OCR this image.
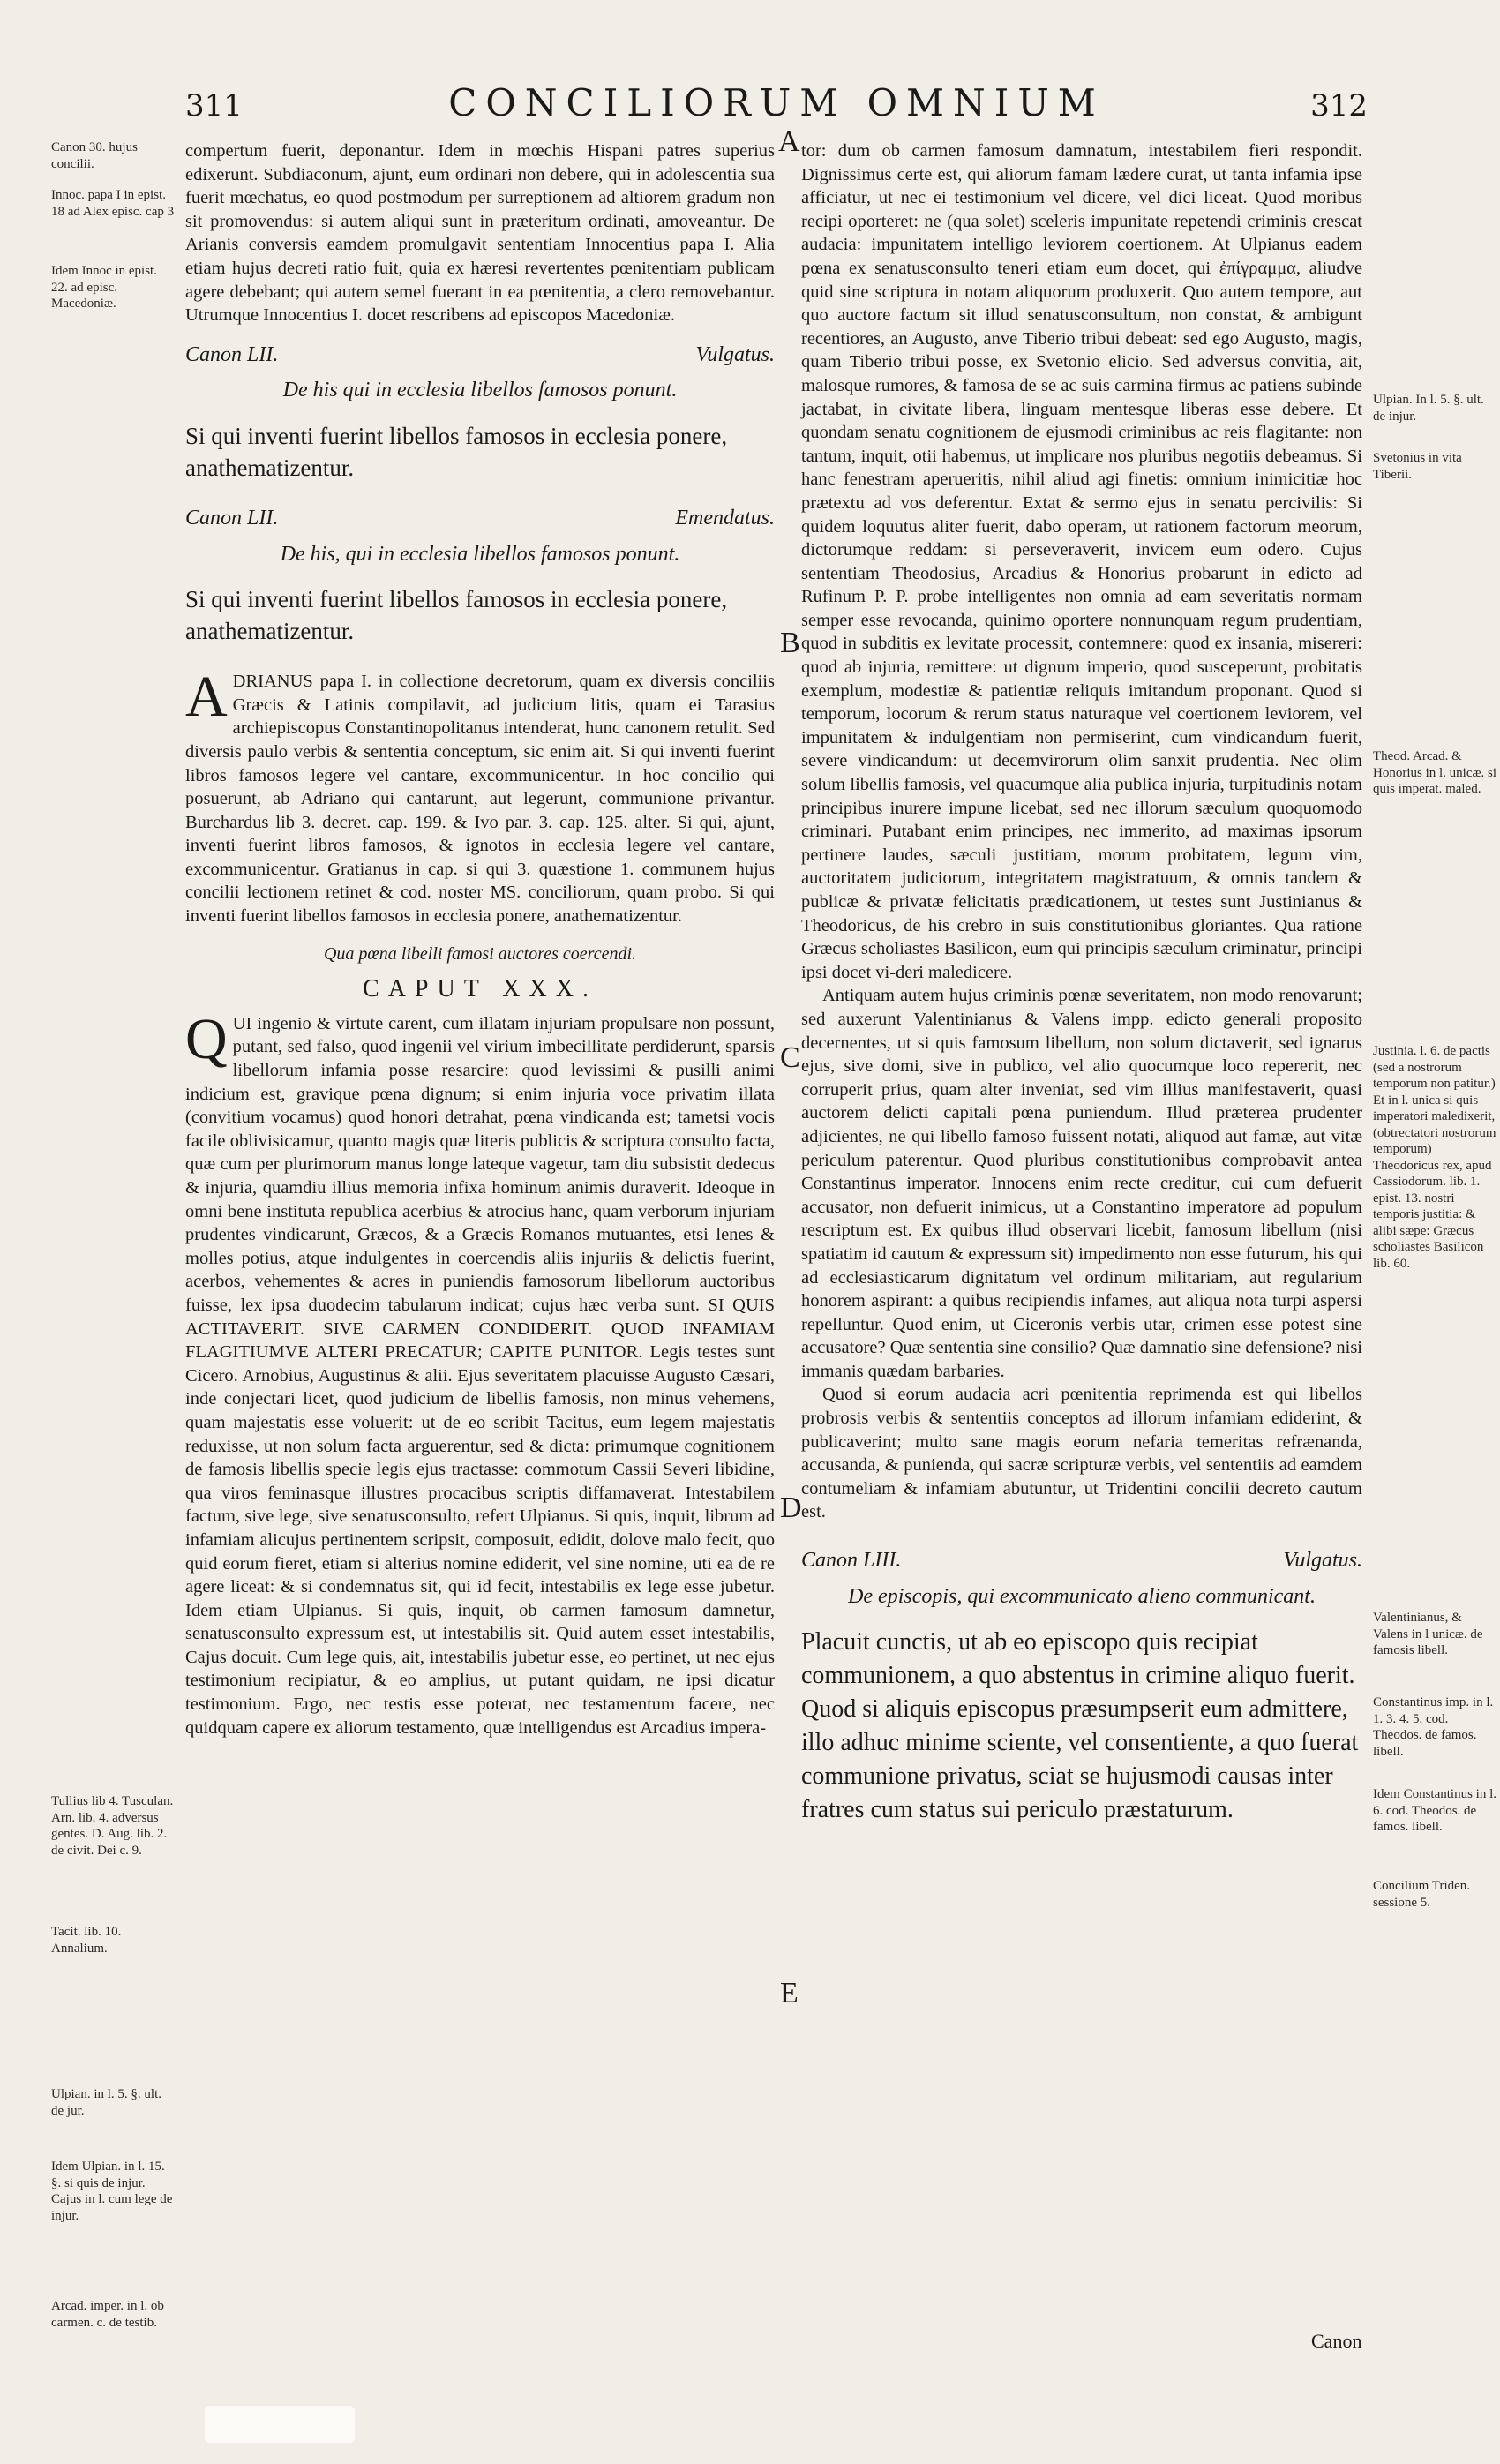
311	CONCILIORUM OMNIUM	312

compertum fuerit, deponantur. Idem in mœchis Hispani patres superius edixerunt. Subdiaconum, ajunt, eum ordinari non debere, qui in adolescentia sua fuerit mœchatus, eo quod postmodum per surreptionem ad altiorem gradum non sit promovendus: si autem aliqui sunt in præteritum ordinati, amoveantur. De Arianis conversis eamdem promulgavit sententiam Innocentius papa I. Alia etiam hujus decreti ratio fuit, quia ex hæresi revertentes pœnitentiam publicam agere debebant; qui autem semel fuerant in ea pœnitentia, a clero removebantur. Utrumque Innocentius I. docet rescribens ad episcopos Macedoniæ.

Canon LII.	Vulgatus.
De his qui in ecclesia libellos famosos ponunt.

Si qui inventi fuerint libellos famosos in ecclesia ponere, anathematizentur.

Canon LII.	Emendatus.
De his, qui in ecclesia libellos famosos ponunt.

Si qui inventi fuerint libellos famosos in ecclesia ponere, anathematizentur.

ADRIANUS papa I. in collectione decretorum, quam ex diversis conciliis Græcis & Latinis compilavit, ad judicium litis, quam ei Tarasius archiepiscopus Constantinopolitanus intenderat, hunc canonem retulit. Sed diversis paulo verbis & sententia conceptum, sic enim ait. Si qui inventi fuerint libros famosos legere vel cantare, excommunicentur. In hoc concilio qui posuerunt, ab Adriano qui cantarunt, aut legerunt, communione privantur. Burchardus lib 3. decret. cap. 199. & Ivo par. 3. cap. 125. alter. Si qui, ajunt, inventi fuerint libros famosos, & ignotos in ecclesia legere vel cantare, excommunicentur. Gratianus in cap. si qui 3. quæstione 1. communem hujus concilii lectionem retinet & cod. noster MS. conciliorum, quam probo. Si qui inventi fuerint libellos famosos in ecclesia ponere, anathematizentur.

Qua pœna libelli famosi auctores coercendi.
CAPUT XXX.

QUI ingenio & virtute carent, cum illatam injuriam propulsare non possunt, putant, sed falso, quod ingenii vel virium imbecillitate perdiderunt, sparsis libellorum infamia posse resarcire: quod levissimi & pusilli animi indicium est, gravique pœna dignum; si enim injuria voce privatim illata (convitium vocamus) quod honori detrahat, pœna vindicanda est; tametsi vocis facile oblivisicamur, quanto magis quæ literis publicis & scriptura consulto facta, quæ cum per plurimorum manus longe lateque vagetur, tam diu subsistit dedecus & injuria, quamdiu illius memoria infixa hominum animis duraverit. Ideoque in omni bene instituta republica acerbius & atrocius hanc, quam verborum injuriam prudentes vindicarunt, Græcos, & a Græcis Romanos mutuantes, etsi lenes & molles potius, atque indulgentes in coercendis aliis injuriis & delictis fuerint, acerbos, vehementes & acres in puniendis famosorum libellorum auctoribus fuisse, lex ipsa duodecim tabularum indicat; cujus hæc verba sunt. SI QUIS ACTITAVERIT. SIVE CARMEN CONDIDERIT. QUOD INFAMIAM FLAGITIUMVE ALTERI PRECATUR; CAPITE PUNITOR. Legis testes sunt Cicero. Arnobius, Augustinus & alii. Ejus severitatem placuisse Augusto Cæsari, inde conjectari licet, quod judicium de libellis famosis, non minus vehemens, quam majestatis esse voluerit: ut de eo scribit Tacitus, eum legem majestatis reduxisse, ut non solum facta arguerentur, sed & dicta: primumque cognitionem de famosis libellis specie legis ejus tractasse: commotum Cassii Severi libidine, qua viros feminasque illustres procacibus scriptis diffamaverat. Intestabilem factum, sive lege, sive senatusconsulto, refert Ulpianus. Si quis, inquit, librum ad infamiam alicujus pertinentem scripsit, composuit, edidit, dolove malo fecit, quo quid eorum fieret, etiam si alterius nomine ediderit, vel sine nomine, uti ea de re agere liceat: & si condemnatus sit, qui id fecit, intestabilis ex lege esse jubetur. Idem etiam Ulpianus. Si quis, inquit, ob carmen famosum damnetur, senatusconsulto expressum est, ut intestabilis sit. Quid autem esset intestabilis, Cajus docuit. Cum lege quis, ait, intestabilis jubetur esse, eo pertinet, ut nec ejus testimonium recipiatur, & eo amplius, ut putant quidam, ne ipsi dicatur testimonium. Ergo, nec testis esse poterat, nec testamentum facere, nec quidquam capere ex aliorum testamento, quæ intelligendus est Arcadius impera-

tor: dum ob carmen famosum damnatum, intestabilem fieri respondit. Dignissimus certe est, qui aliorum famam lædere curat, ut tanta infamia ipse afficiatur, ut nec ei testimonium vel dicere, vel dici liceat. Quod moribus recipi oporteret: ne (qua solet) sceleris impunitate repetendi criminis crescat audacia: impunitatem intelligo leviorem coertionem. At Ulpianus eadem pœna ex senatusconsulto teneri etiam eum docet, qui ἐπίγραμμα, aliudve quid sine scriptura in notam aliquorum produxerit. Quo autem tempore, aut quo auctore factum sit illud senatusconsultum, non constat, & ambigunt recentiores, an Augusto, anve Tiberio tribui debeat: sed ego Augusto, magis, quam Tiberio tribui posse, ex Svetonio elicio. Sed adversus convitia, ait, malosque rumores, & famosa de se ac suis carmina firmus ac patiens subinde jactabat, in civitate libera, linguam mentesque liberas esse debere. Et quondam senatu cognitionem de ejusmodi criminibus ac reis flagitante: non tantum, inquit, otii habemus, ut implicare nos pluribus negotiis debeamus. Si hanc fenestram aperueritis, nihil aliud agi finetis: omnium inimicitiæ hoc prætextu ad vos deferentur. Extat & sermo ejus in senatu percivilis: Si quidem loquutus aliter fuerit, dabo operam, ut rationem factorum meorum, dictorumque reddam: si perseveraverit, invicem eum odero. Cujus sententiam Theodosius, Arcadius & Honorius probarunt in edicto ad Rufinum P. P. probe intelligentes non omnia ad eam severitatis normam semper esse revocanda, quinimo oportere nonnunquam regum prudentiam, quod in subditis ex levitate processit, contemnere: quod ex insania, misereri: quod ab injuria, remittere: ut dignum imperio, quod susceperunt, probitatis exemplum, modestiæ & patientiæ reliquis imitandum proponant. Quod si temporum, locorum & rerum status naturaque vel coertionem leviorem, vel impunitatem & indulgentiam non permiserint, cum vindicandum fuerit, severe vindicandum: ut decemvirorum olim sanxit prudentia. Nec olim solum libellis famosis, vel quacumque alia publica injuria, turpitudinis notam principibus inurere impune licebat, sed nec illorum sæculum quoquomodo criminari. Putabant enim principes, nec immerito, ad maximas ipsorum pertinere laudes, sæculi justitiam, morum probitatem, legum vim, auctoritatem judiciorum, integritatem magistratuum, & omnis tandem & publicæ & privatæ felicitatis prædicationem, ut testes sunt Justinianus & Theodoricus, de his crebro in suis constitutionibus gloriantes. Qua ratione Græcus scholiastes Basilicon, eum qui principis sæculum criminatur, principi ipsi docet vi-deri maledicere.

Antiquam autem hujus criminis pœnæ severitatem, non modo renovarunt; sed auxerunt Valentinianus & Valens impp. edicto generali proposito decernentes, ut si quis famosum libellum, non solum dictaverit, sed ignarus ejus, sive domi, sive in publico, vel alio quocumque loco repererit, nec corruperit prius, quam alter inveniat, sed vim illius manifestaverit, quasi auctorem delicti capitali pœna puniendum. Illud præterea prudenter adjicientes, ne qui libello famoso fuissent notati, aliquod aut famæ, aut vitæ periculum paterentur. Quod pluribus constitutionibus comprobavit antea Constantinus imperator. Innocens enim recte creditur, cui cum defuerit accusator, non defuerit inimicus, ut a Constantino imperatore ad populum rescriptum est. Ex quibus illud observari licebit, famosum libellum (nisi spatiatim id cautum & expressum sit) impedimento non esse futurum, his qui ad ecclesiasticarum dignitatum vel ordinum militariam, aut regularium honorem aspirant: a quibus recipiendis infames, aut aliqua nota turpi aspersi repelluntur. Quod enim, ut Ciceronis verbis utar, crimen esse potest sine accusatore? Quæ sententia sine consilio? Quæ damnatio sine defensione? nisi immanis quædam barbaries.

Quod si eorum audacia acri pœnitentia reprimenda est qui libellos probrosis verbis & sententiis conceptos ad illorum infamiam ediderint, & publicaverint; multo sane magis eorum nefaria temeritas refrænanda, accusanda, & punienda, qui sacræ scripturæ verbis, vel sententiis ad eamdem contumeliam & infamiam abutuntur, ut Tridentini concilii decreto cautum est.

Canon LIII.	Vulgatus.
De episcopis, qui excommunicato alieno communicant.

Placuit cunctis, ut ab eo episcopo quis recipiat communionem, a quo abstentus in crimine aliquo fuerit. Quod si aliquis episcopus præsumpserit eum admittere, illo adhuc minime sciente, vel consentiente, a quo fuerat communione privatus, sciat se hujusmodi causas inter fratres cum status sui periculo præstaturum.

Canon 30. hujus concilii.
Innoc. papa I in epist. 18 ad Alex episc. cap 3
Idem Innoc in epist. 22. ad episc. Macedoniæ.
Tullius lib 4. Tusculan. Arn. lib. 4. adversus gentes. D. Aug. lib. 2. de civit. Dei c. 9.
Tacit. lib. 10. Annalium.
Ulpian. in l. 5. §. ult. de jur.
Idem Ulpian. in l. 15. §. si quis de injur. Cajus in l. cum lege de injur.
Arcad. imper. in l. ob carmen. c. de testib.
Ulpian. In l. 5. §. ult. de injur.
Svetonius in vita Tiberii.
Theod. Arcad. & Honorius in l. unicæ. si quis imperat. maled.
Justinia. l. 6. de pactis (sed a nostrorum temporum non patitur.) Et in l. unica si quis imperatori maledixerit, (obtrectatori nostrorum temporum) Theodoricus rex, apud Cassiodorum. lib. 1. epist. 13. nostri temporis justitia: & alibi sæpe: Græcus scholiastes Basilicon lib. 60.
Valentinianus, & Valens in l unicæ. de famosis libell.
Constantinus imp. in l. 1. 3. 4. 5. cod. Theodos. de famos. libell.
Idem Constantinus in l. 6. cod. Theodos. de famos. libell.
Concilium Triden. sessione 5.
A
B
C
D
E
Canon
